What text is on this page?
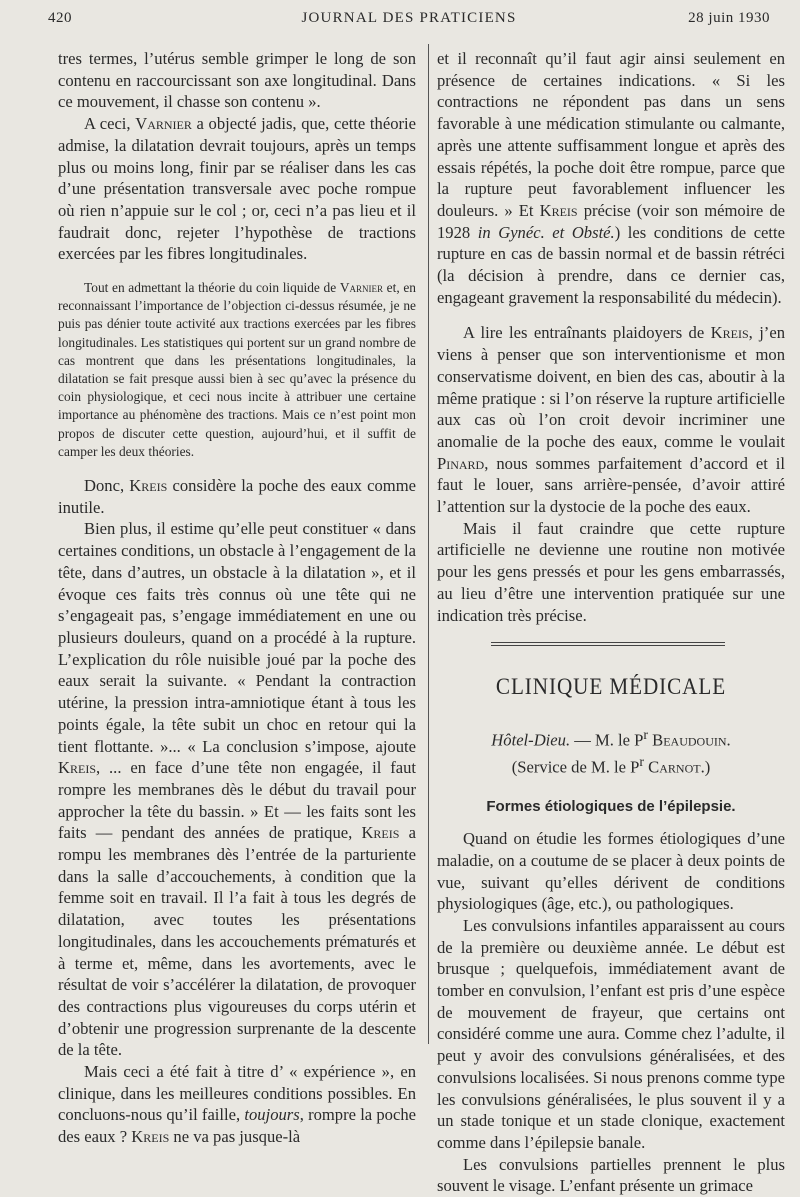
420	JOURNAL DES PRATICIENS	28 juin 1930

tres termes, l’utérus semble grimper le long de son contenu en raccourcissant son axe longitudinal. Dans ce mouvement, il chasse son contenu ».

A ceci, Varnier a objecté jadis, que, cette théorie admise, la dilatation devrait toujours, après un temps plus ou moins long, finir par se réaliser dans les cas d’une présentation transversale avec poche rompue où rien n’appuie sur le col ; or, ceci n’a pas lieu et il faudrait donc, rejeter l’hypothèse de tractions exercées par les fibres longitudinales.

Tout en admettant la théorie du coin liquide de Varnier et, en reconnaissant l’importance de l’objection ci-dessus résumée, je ne puis pas dénier toute activité aux tractions exercées par les fibres longitudinales. Les statistiques qui portent sur un grand nombre de cas montrent que dans les présentations longitudinales, la dilatation se fait presque aussi bien à sec qu’avec la présence du coin physiologique, et ceci nous incite à attribuer une certaine importance au phénomène des tractions. Mais ce n’est point mon propos de discuter cette question, aujourd’hui, et il suffit de camper les deux théories.

Donc, Kreis considère la poche des eaux comme inutile.

Bien plus, il estime qu’elle peut constituer « dans certaines conditions, un obstacle à l’engagement de la tête, dans d’autres, un obstacle à la dilatation », et il évoque ces faits très connus où une tête qui ne s’engageait pas, s’engage immédiatement en une ou plusieurs douleurs, quand on a procédé à la rupture. L’explication du rôle nuisible joué par la poche des eaux serait la suivante. « Pendant la contraction utérine, la pression intra-amniotique étant à tous les points égale, la tête subit un choc en retour qui la tient flottante. »... « La conclusion s’impose, ajoute Kreis, ... en face d’une tête non engagée, il faut rompre les membranes dès le début du travail pour approcher la tête du bassin. » Et — les faits sont les faits — pendant des années de pratique, Kreis a rompu les membranes dès l’entrée de la parturiente dans la salle d’accouchements, à condition que la femme soit en travail. Il l’a fait à tous les degrés de dilatation, avec toutes les présentations longitudinales, dans les accouchements prématurés et à terme et, même, dans les avortements, avec le résultat de voir s’accélérer la dilatation, de provoquer des contractions plus vigoureuses du corps utérin et d’obtenir une progression surprenante de la descente de la tête.

Mais ceci a été fait à titre d’ « expérience », en clinique, dans les meilleures conditions possibles. En concluons-nous qu’il faille, toujours, rompre la poche des eaux ? Kreis ne va pas jusque-là

et il reconnaît qu’il faut agir ainsi seulement en présence de certaines indications. « Si les contractions ne répondent pas dans un sens favorable à une médication stimulante ou calmante, après une attente suffisamment longue et après des essais répétés, la poche doit être rompue, parce que la rupture peut favorablement influencer les douleurs. » Et Kreis précise (voir son mémoire de 1928 in Gynéc. et Obsté.) les conditions de cette rupture en cas de bassin normal et de bassin rétréci (la décision à prendre, dans ce dernier cas, engageant gravement la responsabilité du médecin).

A lire les entraînants plaidoyers de Kreis, j’en viens à penser que son interventionisme et mon conservatisme doivent, en bien des cas, aboutir à la même pratique : si l’on réserve la rupture artificielle aux cas où l’on croit devoir incriminer une anomalie de la poche des eaux, comme le voulait Pinard, nous sommes parfaitement d’accord et il faut le louer, sans arrière-pensée, d’avoir attiré l’attention sur la dystocie de la poche des eaux.

Mais il faut craindre que cette rupture artificielle ne devienne une routine non motivée pour les gens pressés et pour les gens embarrassés, au lieu d’être une intervention pratiquée sur une indication très précise.

CLINIQUE MÉDICALE

Hôtel-Dieu. — M. le $P^r$ Beaudouin.

(Service de M. le $P^r$ Carnot.)

Formes étiologiques de l’épilepsie.

Quand on étudie les formes étiologiques d’une maladie, on a coutume de se placer à deux points de vue, suivant qu’elles dérivent de conditions physiologiques (âge, etc.), ou pathologiques.

Les convulsions infantiles apparaissent au cours de la première ou deuxième année. Le début est brusque ; quelquefois, immédiatement avant de tomber en convulsion, l’enfant est pris d’une espèce de mouvement de frayeur, que certains ont considéré comme une aura. Comme chez l’adulte, il peut y avoir des convulsions généralisées, et des convulsions localisées. Si nous prenons comme type les convulsions généralisées, le plus souvent il y a un stade tonique et un stade clonique, exactement comme dans l’épilepsie banale.

Les convulsions partielles prennent le plus souvent le visage. L’enfant présente un grimace
